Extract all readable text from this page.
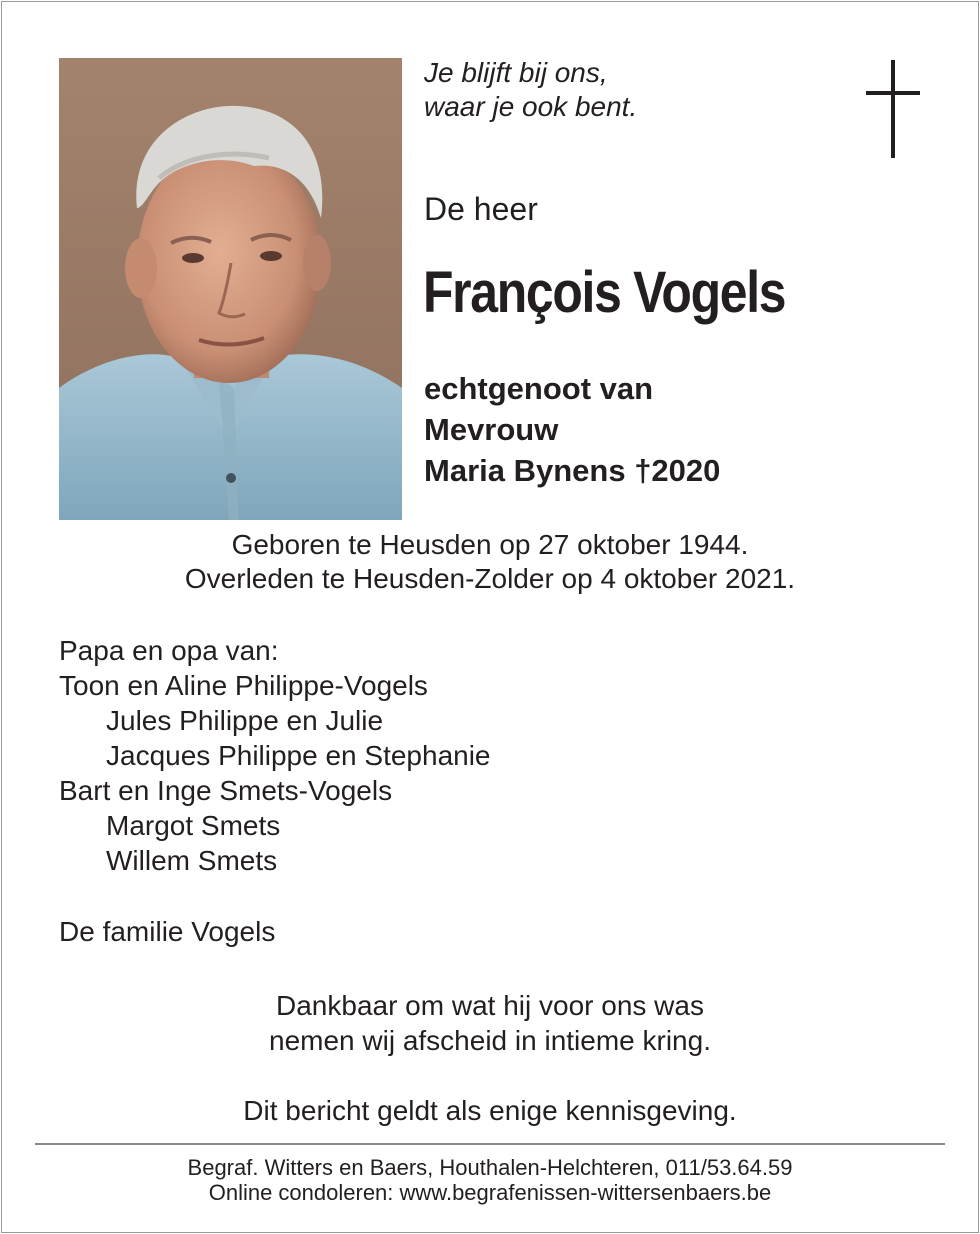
Je blijft bij ons,
waar je ook bent.
De heer
François Vogels
echtgenoot van
Mevrouw
Maria Bynens †2020
Geboren te Heusden op 27 oktober 1944.
Overleden te Heusden-Zolder op 4 oktober 2021.
Papa en opa van:
Toon en Aline Philippe-Vogels
Jules Philippe en Julie
Jacques Philippe en Stephanie
Bart en Inge Smets-Vogels
Margot Smets
Willem Smets
De familie Vogels
Dankbaar om wat hij voor ons was
nemen wij afscheid in intieme kring.
Dit bericht geldt als enige kennisgeving.
Begraf. Witters en Baers, Houthalen-Helchteren, 011/53.64.59
Online condoleren: www.begrafenissen-wittersenbaers.be
